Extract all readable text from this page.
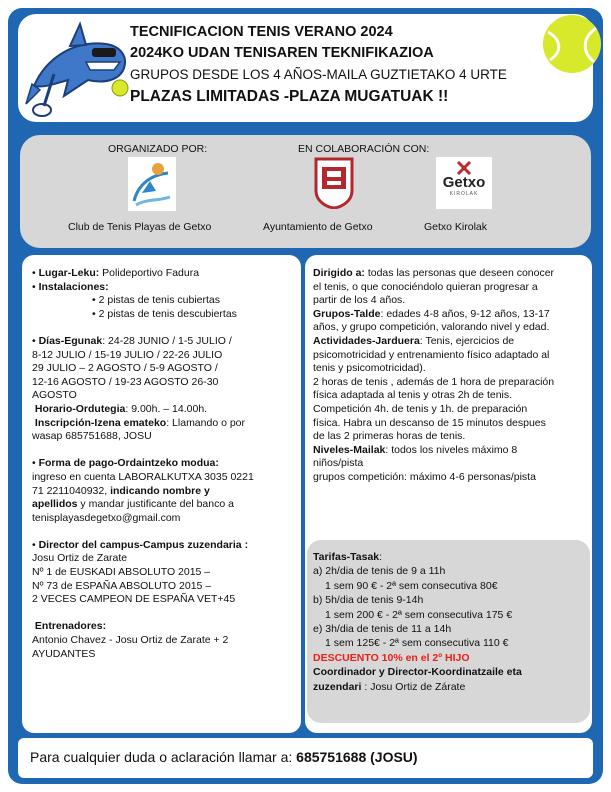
TECNIFICACION TENIS VERANO 2024
2024KO UDAN TENISAREN TEKNIFIKAZIOA
GRUPOS DESDE LOS 4 AÑOS-MAILA GUZTIETAKO 4 URTE
PLAZAS LIMITADAS -PLAZA MUGATUAK !!
ORGANIZADO POR:	EN COLABORACIÓN CON:
Getxo
KIROLAK
Club de Tenis Playas de Getxo	Ayuntamiento de Getxo	Getxo Kirolak

• Lugar-Leku: Polideportivo Fadura

• Instalaciones:

• 2 pistas de tenis cubiertas

• 2 pistas de tenis descubiertas

• Días-Egunak: 24-28 JUNIO / 1-5 JULIO /

8-12 JULIO / 15-19 JULIO / 22-26 JULIO

29 JULIO – 2 AGOSTO / 5-9 AGOSTO /

12-16 AGOSTO / 19-23 AGOSTO 26-30

AGOSTO

Horario-Ordutegia: 9.00h. – 14.00h.

Inscripción-Izena emateko: Llamando o por

wasap 685751688, JOSU

• Forma de pago-Ordaintzeko modua:

ingreso en cuenta LABORALKUTXA 3035 0221

71 2211040932, indicando nombre y

apellidos y mandar justificante del banco a

tenisplayasdegetxo@gmail.com

• Director del campus-Campus zuzendaria :

Josu Ortiz de Zarate

Nº 1 de EUSKADI ABSOLUTO 2015 –

Nº 73 de ESPAÑA ABSOLUTO 2015 –

2 VECES CAMPEON DE ESPAÑA VET+45

Entrenadores:

Antonio Chavez - Josu Ortiz de Zarate + 2

AYUDANTES

Dirigido a: todas las personas que deseen conocer

el tenis, o que conociéndolo quieran progresar a

partir de los 4 años.

Grupos-Talde: edades 4-8 años, 9-12 años, 13-17

años, y grupo competición, valorando nivel y edad.

Actividades-Jarduera: Tenis, ejercicios de

psicomotricidad y entrenamiento físico adaptado al

tenis y psicomotricidad).

2 horas de tenis , además de 1 hora de preparación

física adaptada al tenis y otras 2h de tenis.

Competición 4h. de tenis y 1h. de preparación

física. Habra un descanso de 15 minutos despues

de las 2 primeras horas de tenis.

Niveles-Mailak: todos los niveles máximo 8

niños/pista

grupos competición: máximo 4-6 personas/pista

Tarifas-Tasak:

a) 2h/dia de tenis de 9 a 11h

1 sem 90 € - 2ª sem consecutiva 80€

b) 5h/dia de tenis 9-14h

1 sem 200 € - 2ª sem consecutiva 175 €

e) 3h/dia de tenis de 11 a 14h

1 sem 125€ - 2ª sem consecutiva 110 €

DESCUENTO 10% en el 2º HIJO

Coordinador y Director-Koordinatzaile eta

zuzendari : Josu Ortiz de Zárate

Para cualquier duda o aclaración llamar a: 685751688 (JOSU)
